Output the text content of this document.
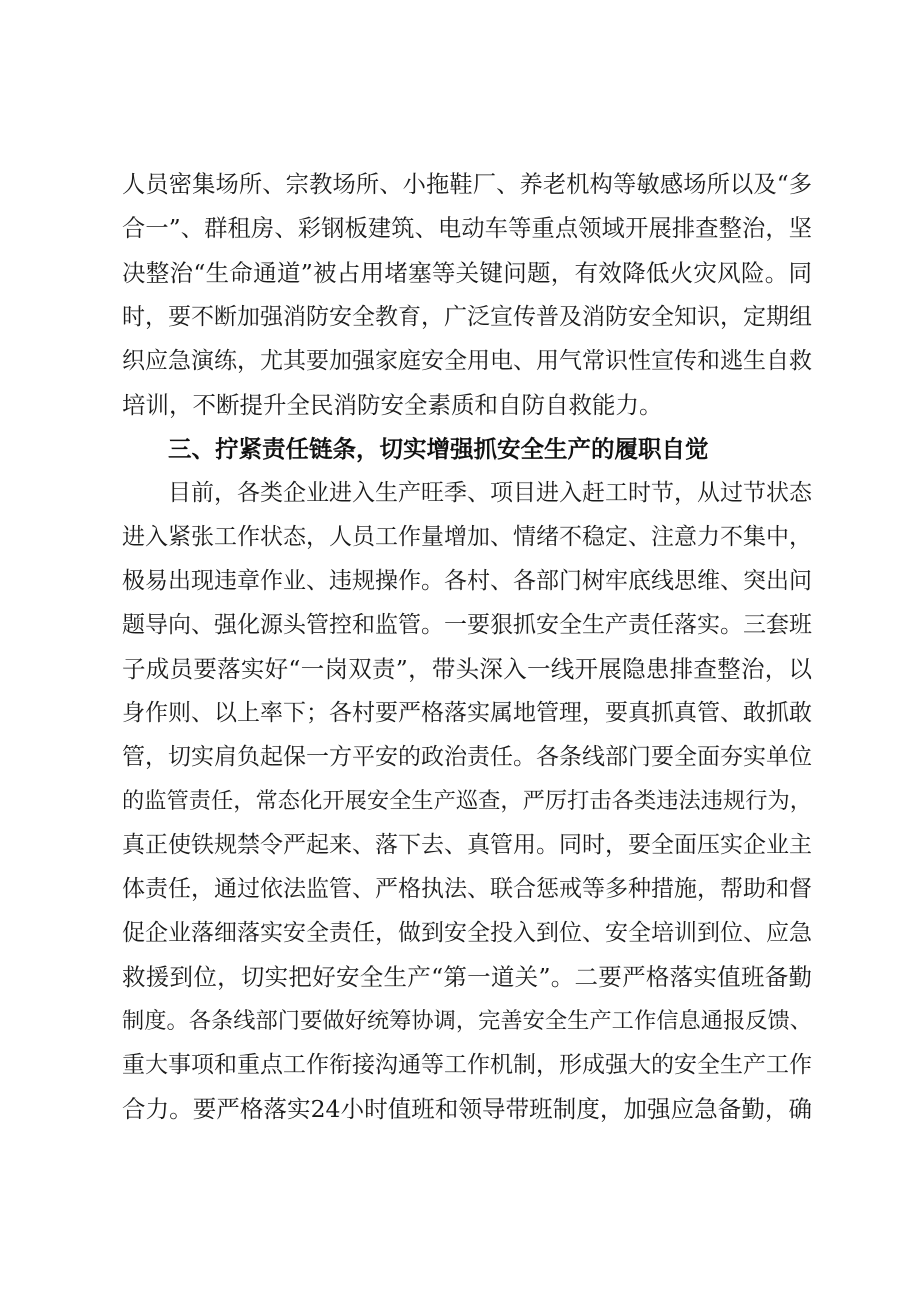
人员密集场所、宗教场所、小拖鞋厂、养老机构等敏感场所以及“多
合一”、群租房、彩钢板建筑、电动车等重点领域开展排查整治，坚
决整治“生命通道”被占用堵塞等关键问题，有效降低火灾风险。同
时，要不断加强消防安全教育，广泛宣传普及消防安全知识，定期组
织应急演练，尤其要加强家庭安全用电、用气常识性宣传和逃生自救
培训，不断提升全民消防安全素质和自防自救能力。
三、拧紧责任链条，切实增强抓安全生产的履职自觉
目前，各类企业进入生产旺季、项目进入赶工时节，从过节状态
进入紧张工作状态，人员工作量增加、情绪不稳定、注意力不集中，
极易出现违章作业、违规操作。各村、各部门树牢底线思维、突出问
题导向、强化源头管控和监管。一要狠抓安全生产责任落实。三套班
子成员要落实好“一岗双责”，带头深入一线开展隐患排查整治，以
身作则、以上率下；各村要严格落实属地管理，要真抓真管、敢抓敢
管，切实肩负起保一方平安的政治责任。各条线部门要全面夯实单位
的监管责任，常态化开展安全生产巡查，严厉打击各类违法违规行为，
真正使铁规禁令严起来、落下去、真管用。同时，要全面压实企业主
体责任，通过依法监管、严格执法、联合惩戒等多种措施，帮助和督
促企业落细落实安全责任，做到安全投入到位、安全培训到位、应急
救援到位，切实把好安全生产“第一道关”。二要严格落实值班备勤
制度。各条线部门要做好统筹协调，完善安全生产工作信息通报反馈、
重大事项和重点工作衔接沟通等工作机制，形成强大的安全生产工作
合力。要严格落实24小时值班和领导带班制度，加强应急备勤，确
